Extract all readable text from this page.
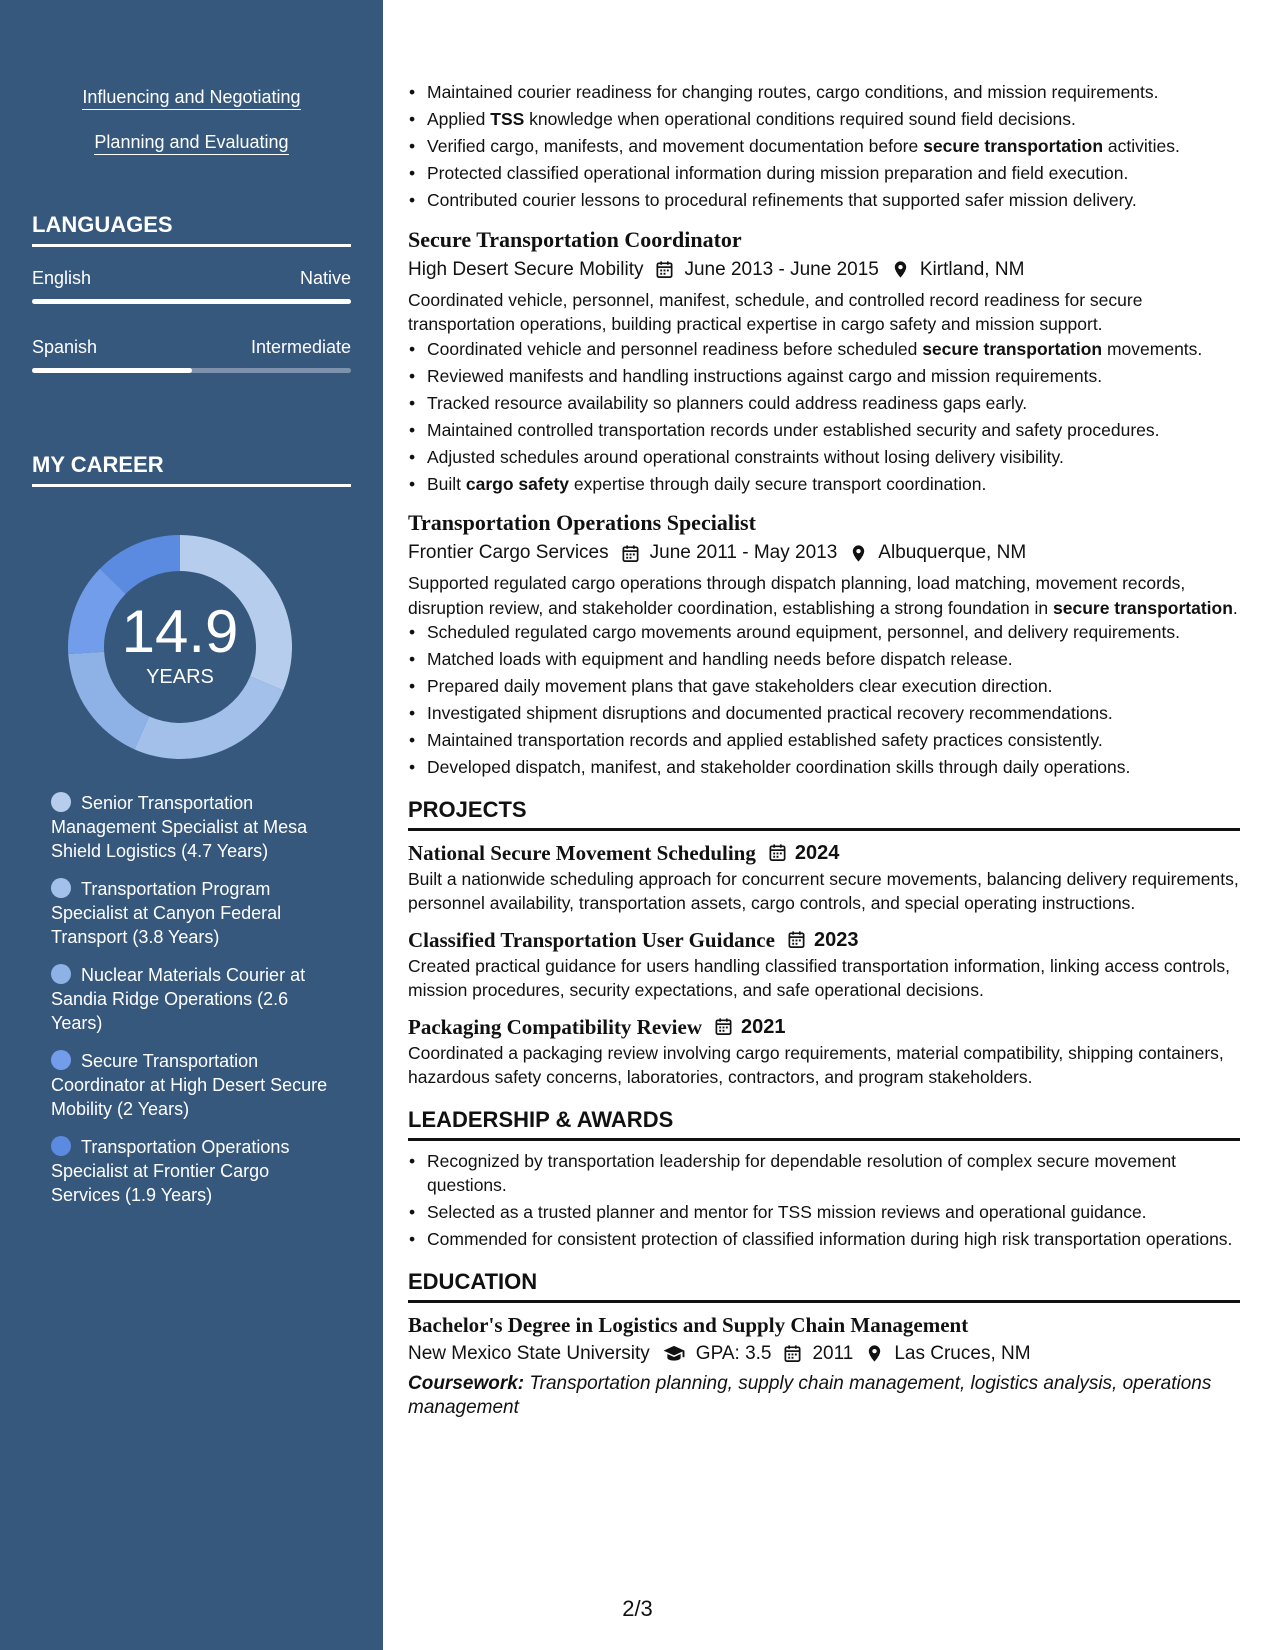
Influencing and Negotiating
Planning and Evaluating
LANGUAGES
English	Native
Spanish	Intermediate
MY CAREER
14.9
YEARS
Senior Transportation Management Specialist at Mesa Shield Logistics (4.7 Years)
Transportation Program Specialist at Canyon Federal Transport (3.8 Years)
Nuclear Materials Courier at Sandia Ridge Operations (2.6 Years)
Secure Transportation Coordinator at High Desert Secure Mobility (2 Years)
Transportation Operations Specialist at Frontier Cargo Services (1.9 Years)
• Maintained courier readiness for changing routes, cargo conditions, and mission requirements.
• Applied TSS knowledge when operational conditions required sound field decisions.
• Verified cargo, manifests, and movement documentation before secure transportation activities.
• Protected classified operational information during mission preparation and field execution.
• Contributed courier lessons to procedural refinements that supported safer mission delivery.
Secure Transportation Coordinator
High Desert Secure Mobility June 2013 - June 2015 Kirtland, NM
Coordinated vehicle, personnel, manifest, schedule, and controlled record readiness for secure transportation operations, building practical expertise in cargo safety and mission support.
• Coordinated vehicle and personnel readiness before scheduled secure transportation movements.
• Reviewed manifests and handling instructions against cargo and mission requirements.
• Tracked resource availability so planners could address readiness gaps early.
• Maintained controlled transportation records under established security and safety procedures.
• Adjusted schedules around operational constraints without losing delivery visibility.
• Built cargo safety expertise through daily secure transport coordination.
Transportation Operations Specialist
Frontier Cargo Services June 2011 - May 2013 Albuquerque, NM
Supported regulated cargo operations through dispatch planning, load matching, movement records, disruption review, and stakeholder coordination, establishing a strong foundation in secure transportation.
• Scheduled regulated cargo movements around equipment, personnel, and delivery requirements.
• Matched loads with equipment and handling needs before dispatch release.
• Prepared daily movement plans that gave stakeholders clear execution direction.
• Investigated shipment disruptions and documented practical recovery recommendations.
• Maintained transportation records and applied established safety practices consistently.
• Developed dispatch, manifest, and stakeholder coordination skills through daily operations.
PROJECTS
National Secure Movement Scheduling 2024
Built a nationwide scheduling approach for concurrent secure movements, balancing delivery requirements, personnel availability, transportation assets, cargo controls, and special operating instructions.
Classified Transportation User Guidance 2023
Created practical guidance for users handling classified transportation information, linking access controls, mission procedures, security expectations, and safe operational decisions.
Packaging Compatibility Review 2021
Coordinated a packaging review involving cargo requirements, material compatibility, shipping containers, hazardous safety concerns, laboratories, contractors, and program stakeholders.
LEADERSHIP & AWARDS
• Recognized by transportation leadership for dependable resolution of complex secure movement questions.
• Selected as a trusted planner and mentor for TSS mission reviews and operational guidance.
• Commended for consistent protection of classified information during high risk transportation operations.
EDUCATION
Bachelor's Degree in Logistics and Supply Chain Management
New Mexico State University GPA: 3.5 2011 Las Cruces, NM
Coursework: Transportation planning, supply chain management, logistics analysis, operations management
2/3
